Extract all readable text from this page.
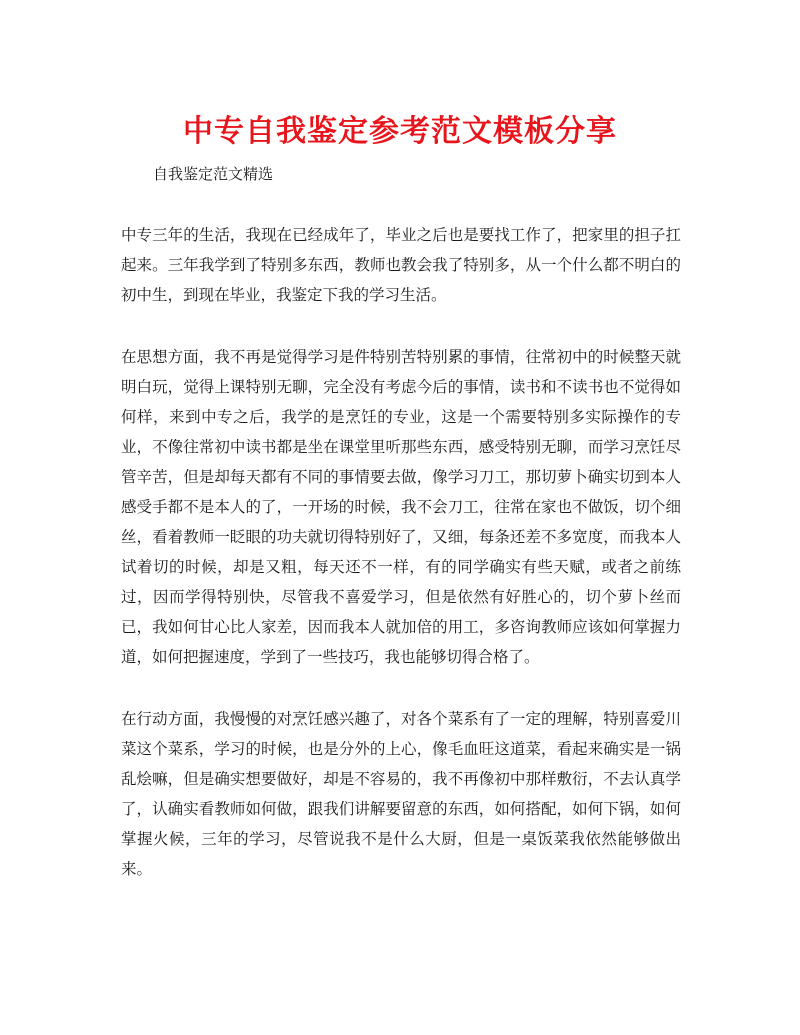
中专自我鉴定参考范文模板分享
自我鉴定范文精选

中专三年的生活，我现在已经成年了，毕业之后也是要找工作了，把家里的担子扛起来。三年我学到了特别多东西，教师也教会我了特别多，从一个什么都不明白的初中生，到现在毕业，我鉴定下我的学习生活。

在思想方面，我不再是觉得学习是件特别苦特别累的事情，往常初中的时候整天就明白玩，觉得上课特别无聊，完全没有考虑今后的事情，读书和不读书也不觉得如何样，来到中专之后，我学的是烹饪的专业，这是一个需要特别多实际操作的专业，不像往常初中读书都是坐在课堂里听那些东西，感受特别无聊，而学习烹饪尽管辛苦，但是却每天都有不同的事情要去做，像学习刀工，那切萝卜确实切到本人感受手都不是本人的了，一开场的时候，我不会刀工，往常在家也不做饭，切个细丝，看着教师一眨眼的功夫就切得特别好了，又细，每条还差不多宽度，而我本人试着切的时候，却是又粗，每天还不一样，有的同学确实有些天赋，或者之前练过，因而学得特别快，尽管我不喜爱学习，但是依然有好胜心的，切个萝卜丝而已，我如何甘心比人家差，因而我本人就加倍的用工，多咨询教师应该如何掌握力道，如何把握速度，学到了一些技巧，我也能够切得合格了。

在行动方面，我慢慢的对烹饪感兴趣了，对各个菜系有了一定的理解，特别喜爱川菜这个菜系，学习的时候，也是分外的上心，像毛血旺这道菜，看起来确实是一锅乱烩嘛，但是确实想要做好，却是不容易的，我不再像初中那样敷衍，不去认真学了，认确实看教师如何做，跟我们讲解要留意的东西，如何搭配，如何下锅，如何掌握火候，三年的学习，尽管说我不是什么大厨，但是一桌饭菜我依然能够做出来。
